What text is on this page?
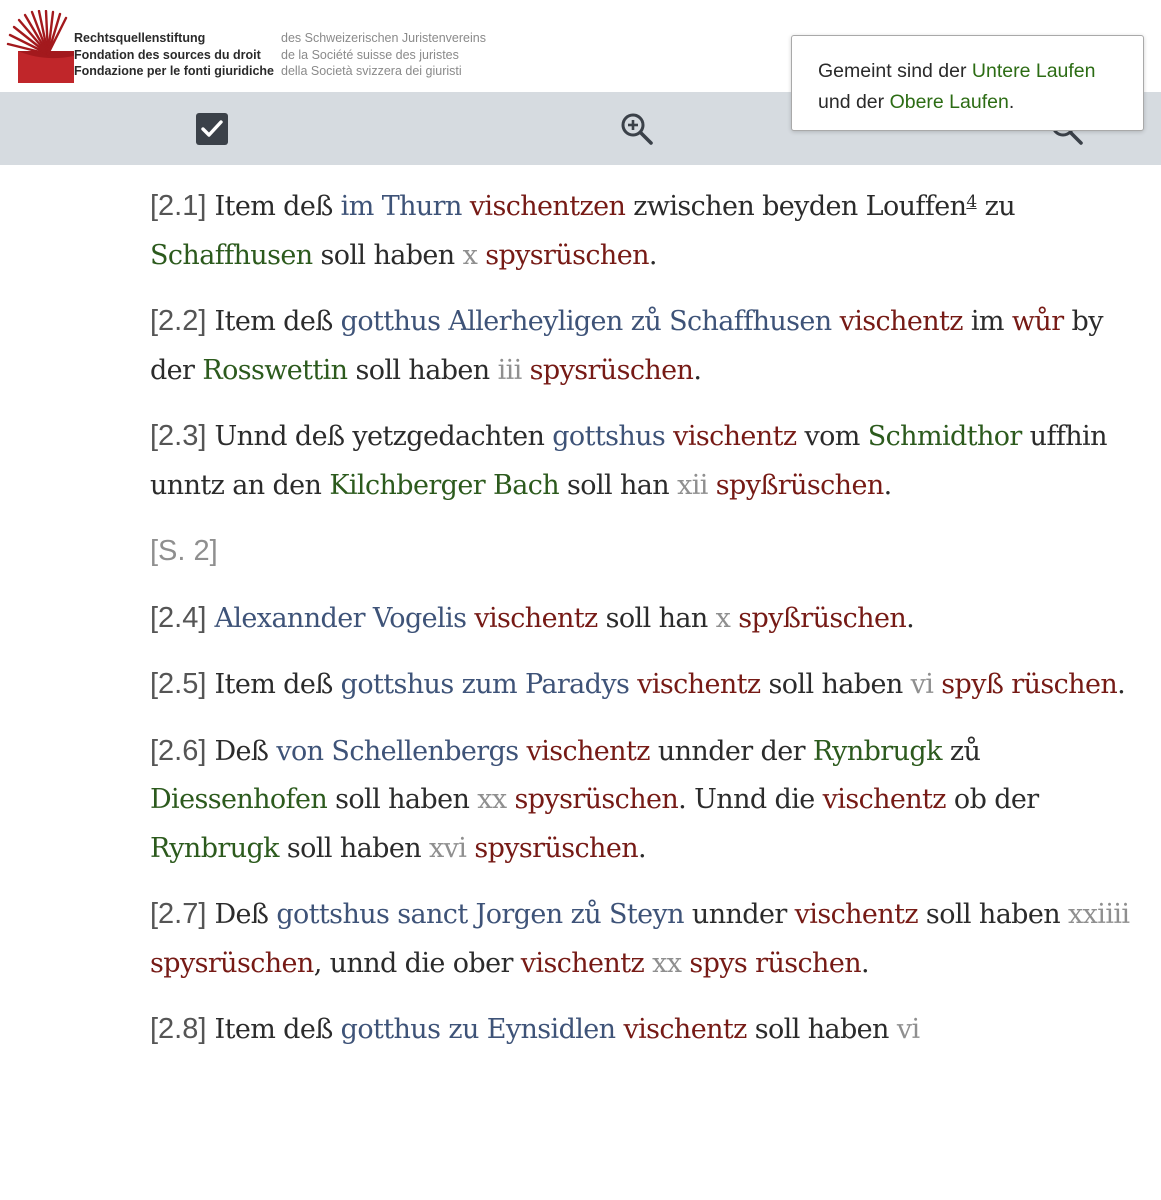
Rechtsquellenstiftung
Fondation des sources du droit
Fondazione per le fonti giuridiche
des Schweizerischen Juristenvereins
de la Société suisse des juristes
della Società svizzera dei giuristi	Gemeint sind der Untere Laufen und der Obere Laufen.

[2.1] Item deß im Thurn vischentzen zwischen beyden Louffen$^4$ zu Schaffhusen soll haben x spysrüschen.

[2.2] Item deß gotthus Allerheyligen zů Schaffhusen vischentz im wůr by der Rosswettin soll haben iii spysrüschen.

[2.3] Unnd deß yetzgedachten gottshus vischentz vom Schmidthor uffhin unntz an den Kilchberger Bach soll han xii spyßrüschen.

[S. 2]

[2.4] Alexannder Vogelis vischentz soll han x spyßrüschen.

[2.5] Item deß gottshus zum Paradys vischentz soll haben vi spyß rüschen.

[2.6] Deß von Schellenbergs vischentz unnder der Rynbrugk zů Diessenhofen soll haben xx spysrüschen. Unnd die vischentz ob der Rynbrugk soll haben xvi spysrüschen.

[2.7] Deß gottshus sanct Jorgen zů Steyn unnder vischentz soll haben xxiiii spysrüschen, unnd die ober vischentz xx spys rüschen.

[2.8] Item deß gotthus zu Eynsidlen vischentz soll haben vi
